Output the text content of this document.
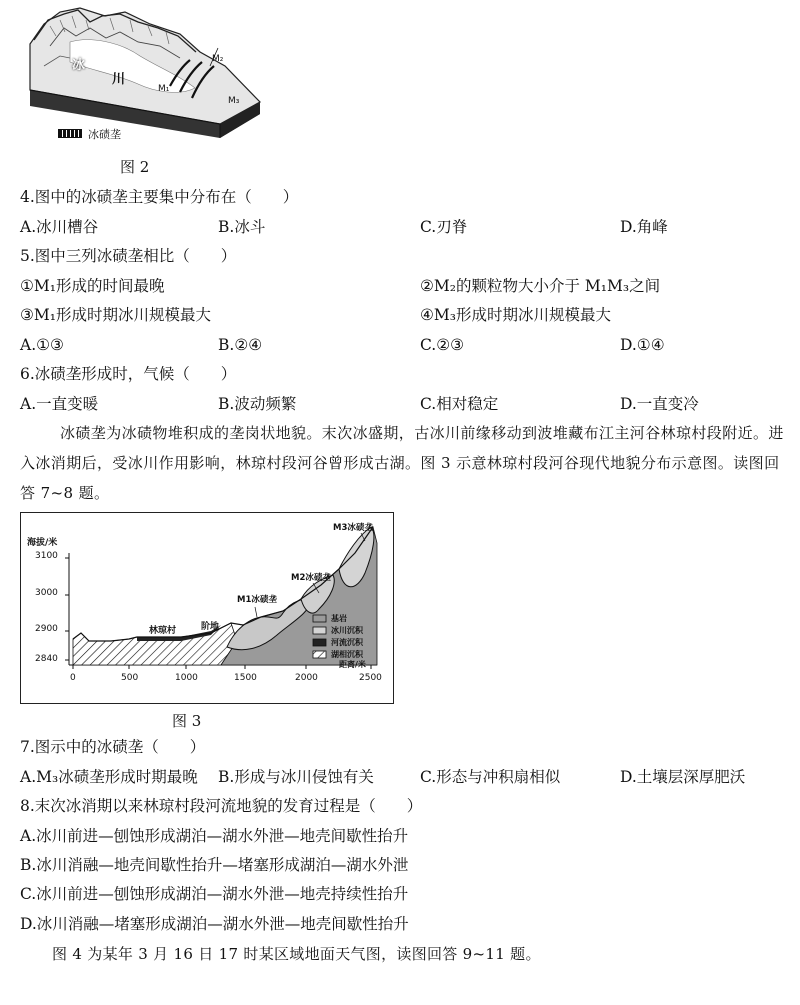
冰
川
M₁
M₂
M₃
冰碛垄
图 2
4.图中的冰碛垄主要集中分布在（　　）
A.冰川槽谷	B.冰斗	C.刃脊	D.角峰
5.图中三列冰碛垄相比（　　）
①M₁形成的时间最晚	②M₂的颗粒物大小介于 M₁M₃之间
③M₁形成时期冰川规模最大	④M₃形成时期冰川规模最大
A.①③	B.②④	C.②③	D.①④
6.冰碛垄形成时，气候（　　）
A.一直变暖	B.波动频繁	C.相对稳定	D.一直变冷
冰碛垄为冰碛物堆积成的垄岗状地貌。末次冰盛期，古冰川前缘移动到波堆藏布江主河谷林琼村段附近。进入冰消期后，受冰川作用影响，林琼村段河谷曾形成古湖。图 3 示意林琼村段河谷现代地貌分布示意图。读图回答 7~8 题。
海拔/米
3100
3000
2900
2840
0	500	1000	1500	2000	2500
距离/米
林琼村	阶地
M1冰碛垄
M2冰碛垄
M3冰碛垄
基岩
冰川沉积
河流沉积
湖相沉积
图 3
7.图示中的冰碛垄（　　）
A.M₃冰碛垄形成时期最晚 B.形成与冰川侵蚀有关	C.形态与冲积扇相似	D.土壤层深厚肥沃
8.末次冰消期以来林琼村段河流地貌的发育过程是（　　）
A.冰川前进—刨蚀形成湖泊—湖水外泄—地壳间歇性抬升
B.冰川消融—地壳间歇性抬升—堵塞形成湖泊—湖水外泄
C.冰川前进—刨蚀形成湖泊—湖水外泄—地壳持续性抬升
D.冰川消融—堵塞形成湖泊—湖水外泄—地壳间歇性抬升
图 4 为某年 3 月 16 日 17 时某区域地面天气图，读图回答 9~11 题。
